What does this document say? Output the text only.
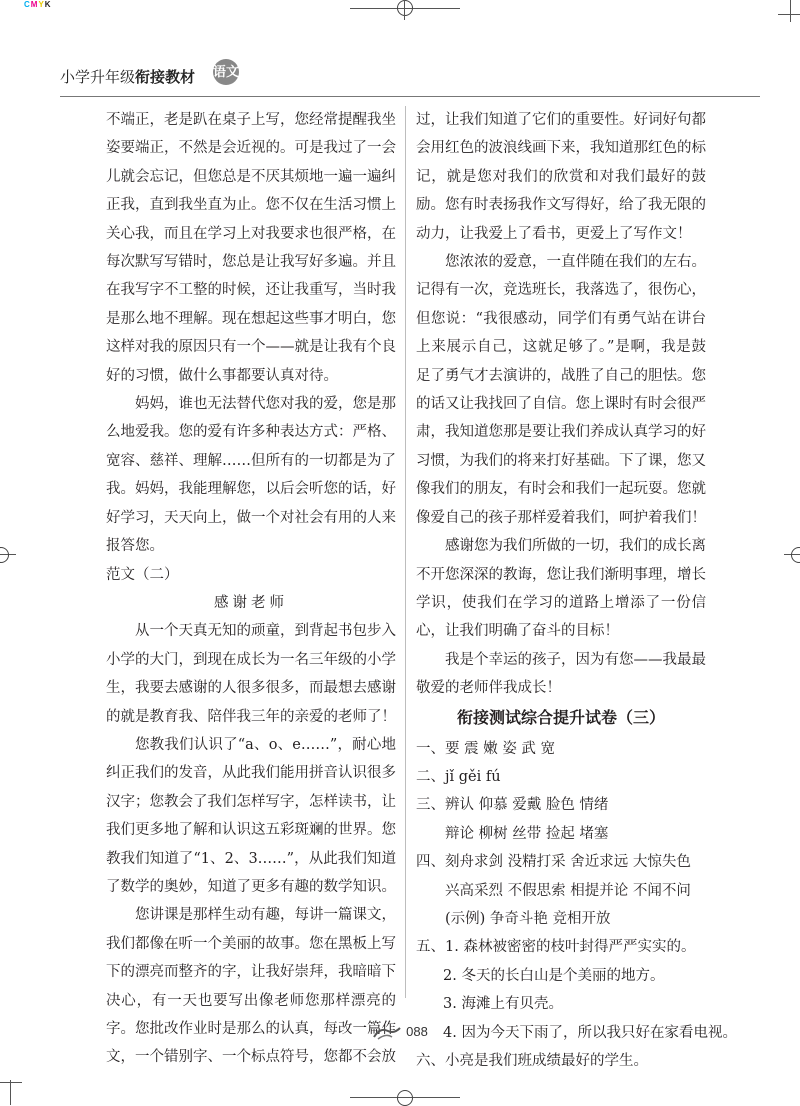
CMYK
小学升年级衔接教材 语文

不端正，老是趴在桌子上写，您经常提醒我坐姿要端正，不然是会近视的。可是我过了一会儿就会忘记，但您总是不厌其烦地一遍一遍纠正我，直到我坐直为止。您不仅在生活习惯上关心我，而且在学习上对我要求也很严格，在每次默写写错时，您总是让我写好多遍。并且在我写字不工整的时候，还让我重写，当时我是那么地不理解。现在想起这些事才明白，您这样对我的原因只有一个——就是让我有个良好的习惯，做什么事都要认真对待。

妈妈，谁也无法替代您对我的爱，您是那么地爱我。您的爱有许多种表达方式：严格、宽容、慈祥、理解……但所有的一切都是为了我。妈妈，我能理解您，以后会听您的话，好好学习，天天向上，做一个对社会有用的人来报答您。

范文（二）

感谢老师

从一个天真无知的顽童，到背起书包步入小学的大门，到现在成长为一名三年级的小学生，我要去感谢的人很多很多，而最想去感谢的就是教育我、陪伴我三年的亲爱的老师了！

您教我们认识了“a、o、e……”，耐心地纠正我们的发音，从此我们能用拼音认识很多汉字；您教会了我们怎样写字，怎样读书，让我们更多地了解和认识这五彩斑斓的世界。您教我们知道了“1、2、3……”，从此我们知道了数学的奥妙，知道了更多有趣的数学知识。

您讲课是那样生动有趣，每讲一篇课文，我们都像在听一个美丽的故事。您在黑板上写下的漂亮而整齐的字，让我好崇拜，我暗暗下决心，有一天也要写出像老师您那样漂亮的字。您批改作业时是那么的认真，每改一篇作文，一个错别字、一个标点符号，您都不会放

过，让我们知道了它们的重要性。好词好句都会用红色的波浪线画下来，我知道那红色的标记，就是您对我们的欣赏和对我们最好的鼓励。您有时表扬我作文写得好，给了我无限的动力，让我爱上了看书，更爱上了写作文！

您浓浓的爱意，一直伴随在我们的左右。记得有一次，竞选班长，我落选了，很伤心，但您说：“我很感动，同学们有勇气站在讲台上来展示自己，这就足够了。”是啊，我是鼓足了勇气才去演讲的，战胜了自己的胆怯。您的话又让我找回了自信。您上课时有时会很严肃，我知道您那是要让我们养成认真学习的好习惯，为我们的将来打好基础。下了课，您又像我们的朋友，有时会和我们一起玩耍。您就像爱自己的孩子那样爱着我们，呵护着我们！

感谢您为我们所做的一切，我们的成长离不开您深深的教诲，您让我们渐明事理，增长学识，使我们在学习的道路上增添了一份信心，让我们明确了奋斗的目标！

我是个幸运的孩子，因为有您——我最最敬爱的老师伴我成长！

衔接测试综合提升试卷（三）
一、要 震 嫩 姿 武 宽
二、jǐ gěi fú
三、辨认 仰慕 爱戴 脸色 情绪
辩论 柳树 丝带 捡起 堵塞
四、刻舟求剑 没精打采 舍近求远 大惊失色
兴高采烈 不假思索 相提并论 不闻不问
(示例) 争奇斗艳 竞相开放
五、1. 森林被密密的枝叶封得严严实实的。
2. 冬天的长白山是个美丽的地方。
3. 海滩上有贝壳。
4. 因为今天下雨了，所以我只好在家看电视。
六、小亮是我们班成绩最好的学生。
088
